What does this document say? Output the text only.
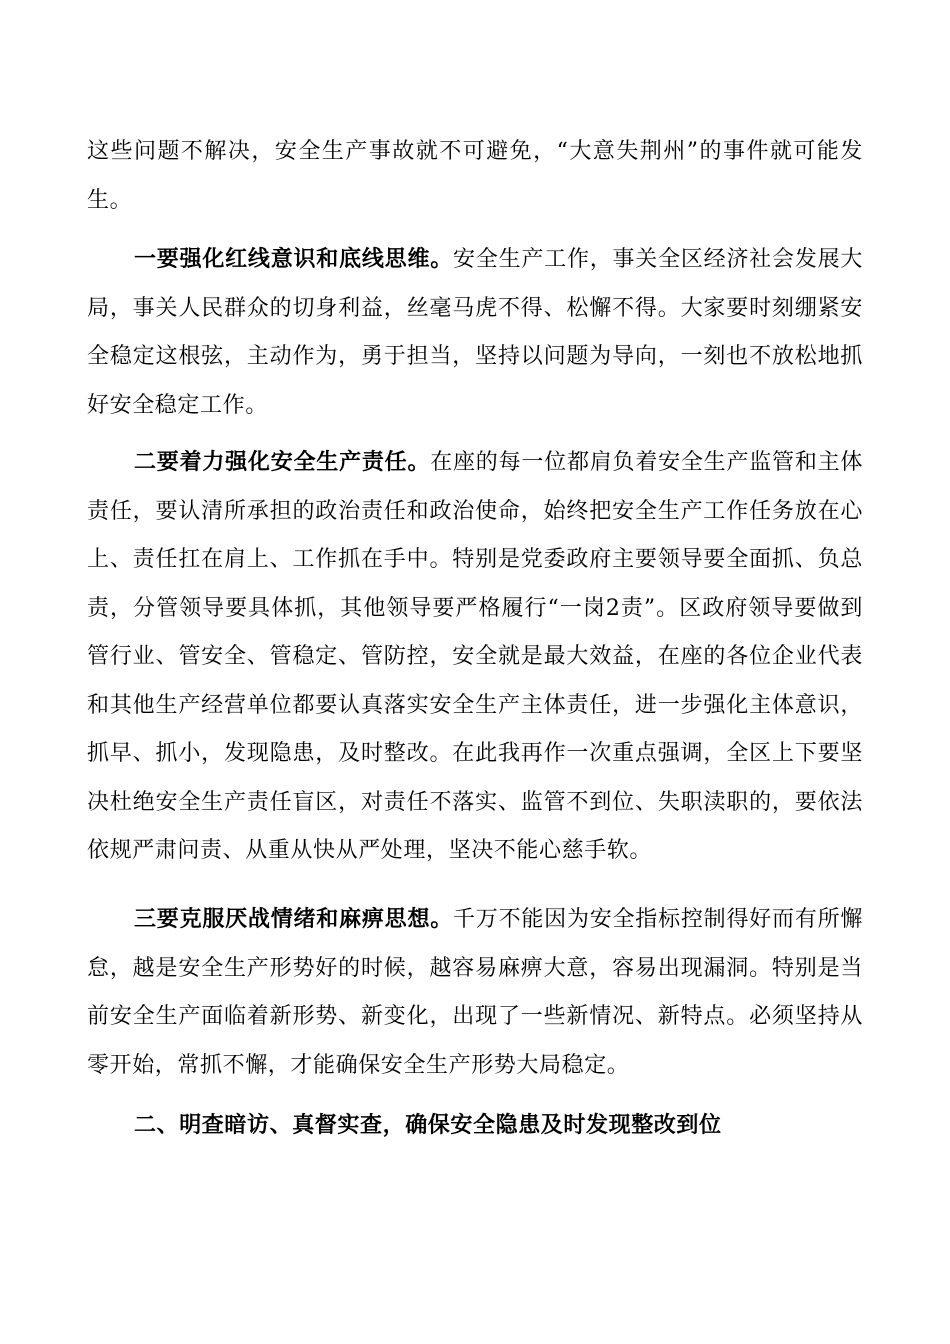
这些问题不解决，安全生产事故就不可避免，“大意失荆州”的事件就可能发生。

一要强化红线意识和底线思维。安全生产工作，事关全区经济社会发展大局，事关人民群众的切身利益，丝毫马虎不得、松懈不得。大家要时刻绷紧安全稳定这根弦，主动作为，勇于担当，坚持以问题为导向，一刻也不放松地抓好安全稳定工作。

二要着力强化安全生产责任。在座的每一位都肩负着安全生产监管和主体责任，要认清所承担的政治责任和政治使命，始终把安全生产工作任务放在心上、责任扛在肩上、工作抓在手中。特别是党委政府主要领导要全面抓、负总责，分管领导要具体抓，其他领导要严格履行“一岗2责”。区政府领导要做到管行业、管安全、管稳定、管防控，安全就是最大效益，在座的各位企业代表和其他生产经营单位都要认真落实安全生产主体责任，进一步强化主体意识，抓早、抓小，发现隐患，及时整改。在此我再作一次重点强调，全区上下要坚决杜绝安全生产责任盲区，对责任不落实、监管不到位、失职渎职的，要依法依规严肃问责、从重从快从严处理，坚决不能心慈手软。

三要克服厌战情绪和麻痹思想。千万不能因为安全指标控制得好而有所懈怠，越是安全生产形势好的时候，越容易麻痹大意，容易出现漏洞。特别是当前安全生产面临着新形势、新变化，出现了一些新情况、新特点。必须坚持从零开始，常抓不懈，才能确保安全生产形势大局稳定。

二、明查暗访、真督实查，确保安全隐患及时发现整改到位
